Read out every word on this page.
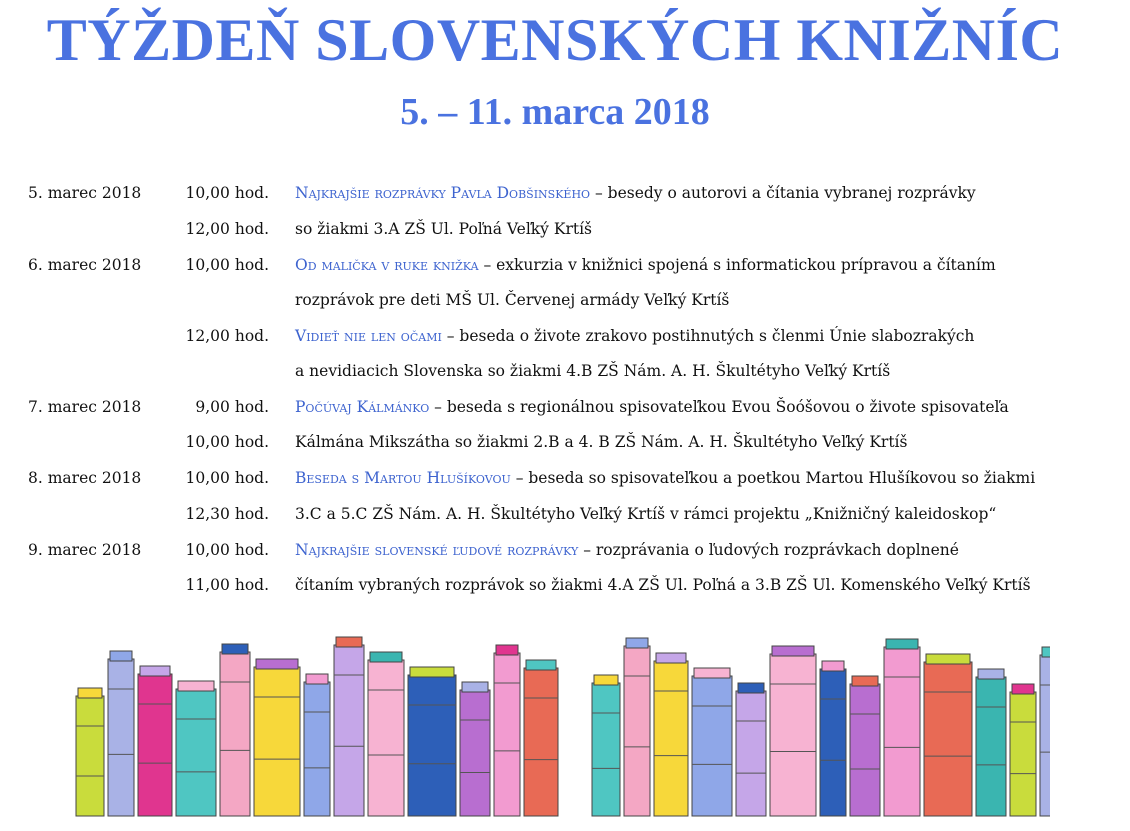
TÝŽDEŇ SLOVENSKÝCH KNIŽNÍC
5. – 11. marca 2018
5. marec 2018	10,00 hod. Najkrajšie rozprávky Pavla Dobšinského – besedy o autorovi a čítania vybranej rozprávky
12,00 hod. so žiakmi 3.A ZŠ Ul. Poľná Veľký Krtíš
6. marec 2018	10,00 hod. Od malička v ruke knižka – exkurzia v knižnici spojená s informatickou prípravou a čítaním
rozprávok pre deti MŠ Ul. Červenej armády Veľký Krtíš
12,00 hod. Vidieť nie len očami – beseda o živote zrakovo postihnutých s členmi Únie slabozrakých
a nevidiacich Slovenska so žiakmi 4.B ZŠ Nám. A. H. Škultétyho Veľký Krtíš
7. marec 2018	9,00 hod. Počúvaj Kálmánko – beseda s regionálnou spisovateľkou Evou Šoóšovou o živote spisovateľa
10,00 hod. Kálmána Mikszátha so žiakmi 2.B a 4. B ZŠ Nám. A. H. Škultétyho Veľký Krtíš
8. marec 2018	10,00 hod. Beseda s Martou Hlušíkovou – beseda so spisovateľkou a poetkou Martou Hlušíkovou so žiakmi
12,30 hod. 3.C a 5.C ZŠ Nám. A. H. Škultétyho Veľký Krtíš v rámci projektu „Knižničný kaleidoskop“
9. marec 2018	10,00 hod. Najkrajšie slovenské ľudové rozprávky – rozprávania o ľudových rozprávkach doplnené
11,00 hod. čítaním vybraných rozprávok so žiakmi 4.A ZŠ Ul. Poľná a 3.B ZŠ Ul. Komenského Veľký Krtíš
